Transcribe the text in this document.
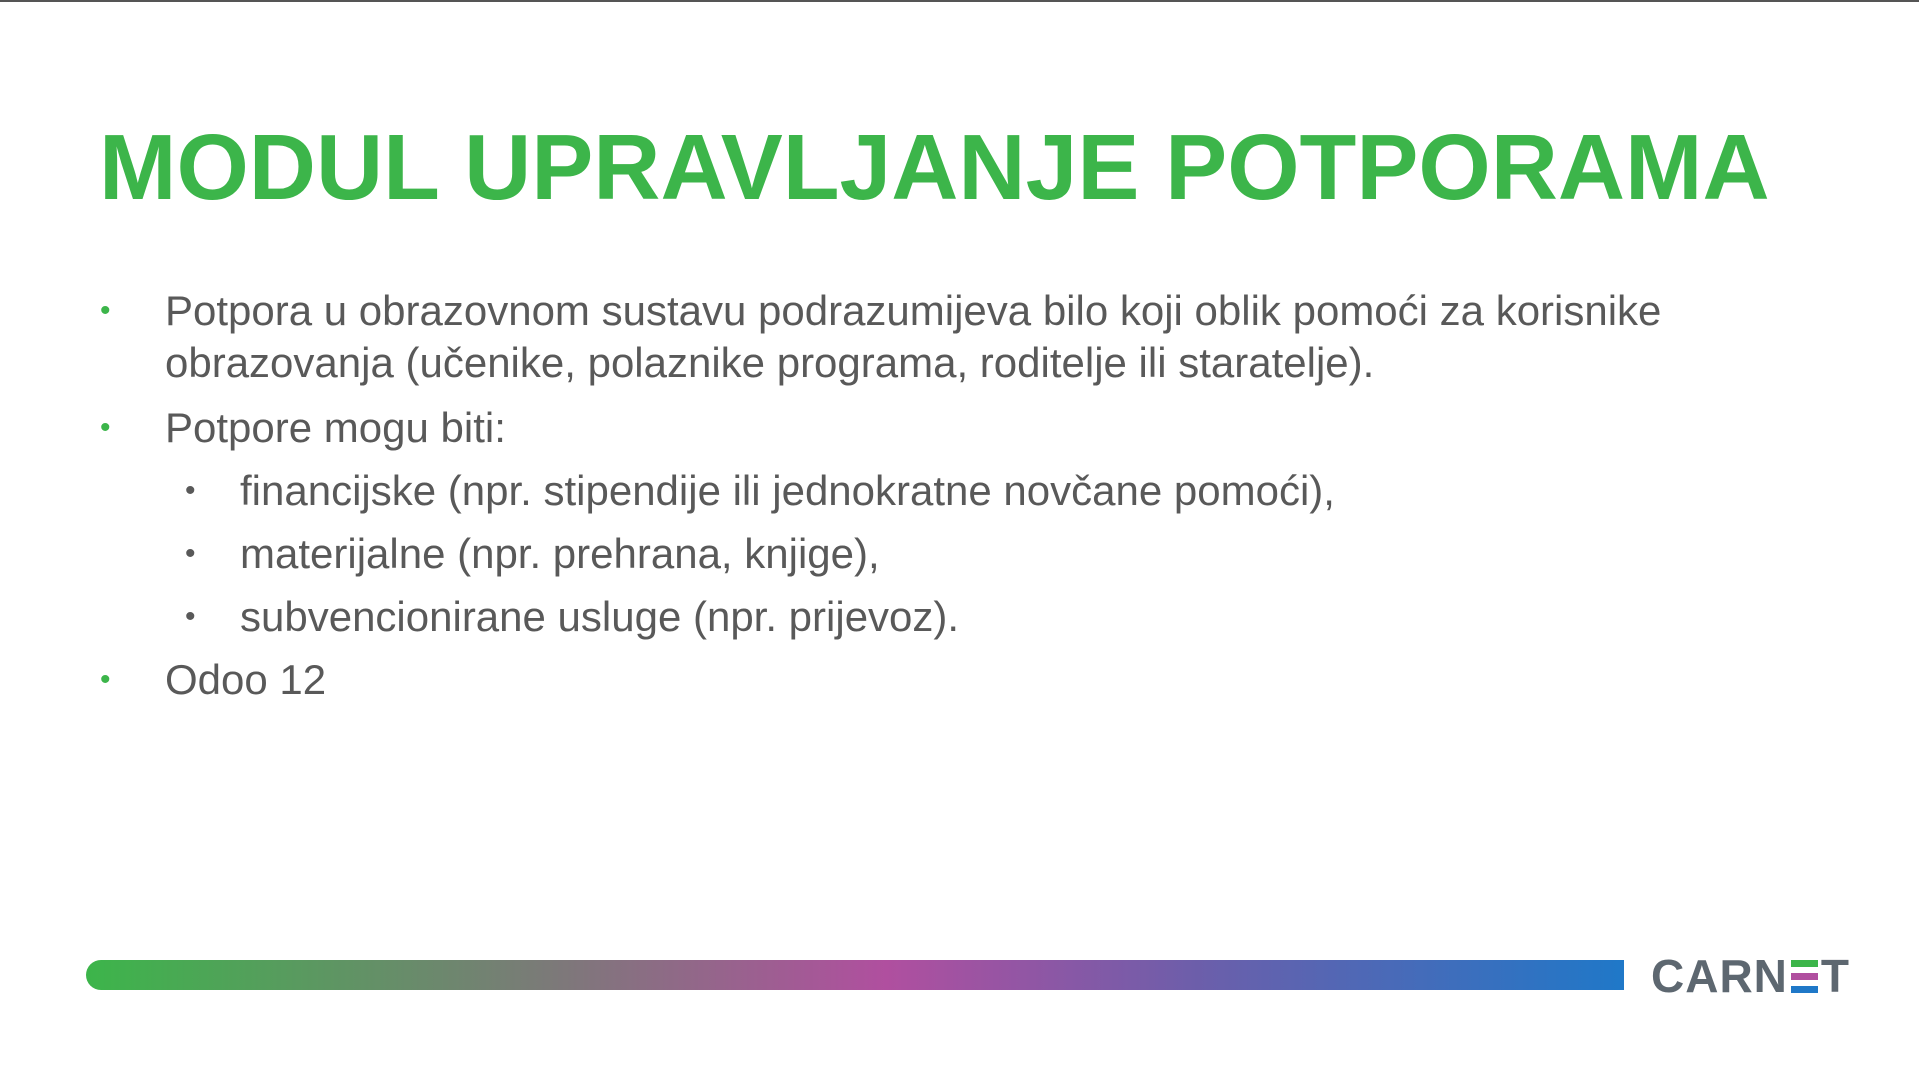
MODUL UPRAVLJANJE POTPORAMA
• Potpora u obrazovnom sustavu podrazumijeva bilo koji oblik pomoći za korisnike
obrazovanja (učenike, polaznike programa, roditelje ili staratelje).
• Potpore mogu biti:
• financijske (npr. stipendije ili jednokratne novčane pomoći),
• materijalne (npr. prehrana, knjige),
• subvencionirane usluge (npr. prijevoz).
• Odoo 12
CARN T
